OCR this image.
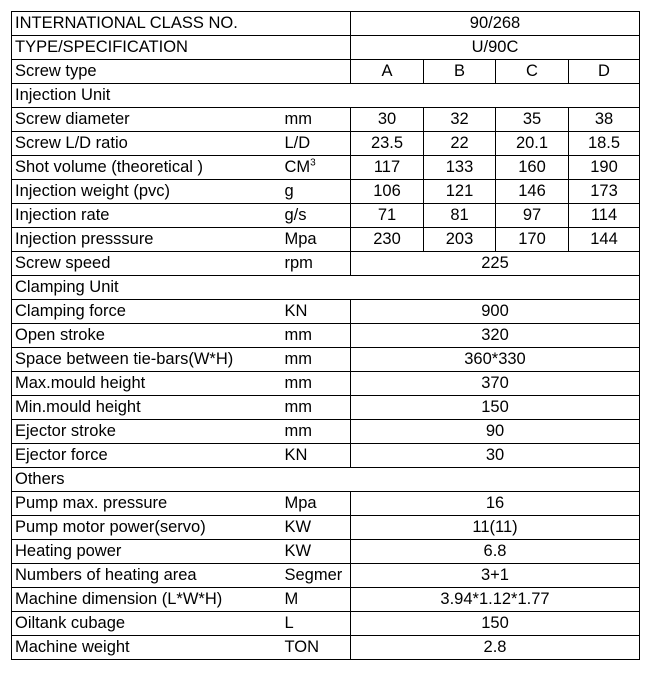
INTERNATIONAL CLASS NO.		90/268			
TYPE/SPECIFICATION		U/90C			
Screw type		A	B	C	D
Injection Unit					
Screw diameter	mm	30	32	35	38
Screw L/D ratio	L/D	23.5	22	20.1	18.5
Shot volume (theoretical )	$CM^3$	117	133	160	190
Injection weight (pvc)	g	106	121	146	173
Injection rate	g/s	71	81	97	114
Injection presssure	Mpa	230	203	170	144
Screw speed	rpm	225			
Clamping Unit					
Clamping force	KN	900			
Open stroke	mm	320			
Space between tie-bars(W*H)	mm	360*330			
Max.mould height	mm	370			
Min.mould height	mm	150			
Ejector stroke	mm	90			
Ejector force	KN	30			
Others					
Pump max. pressure	Mpa	16			
Pump motor power(servo)	KW	11(11)			
Heating power	KW	6.8			
Numbers of heating area	Segmer	3+1			
Machine dimension (L*W*H)	M	3.94*1.12*1.77			
Oiltank cubage	L	150			
Machine weight	TON	2.8			
